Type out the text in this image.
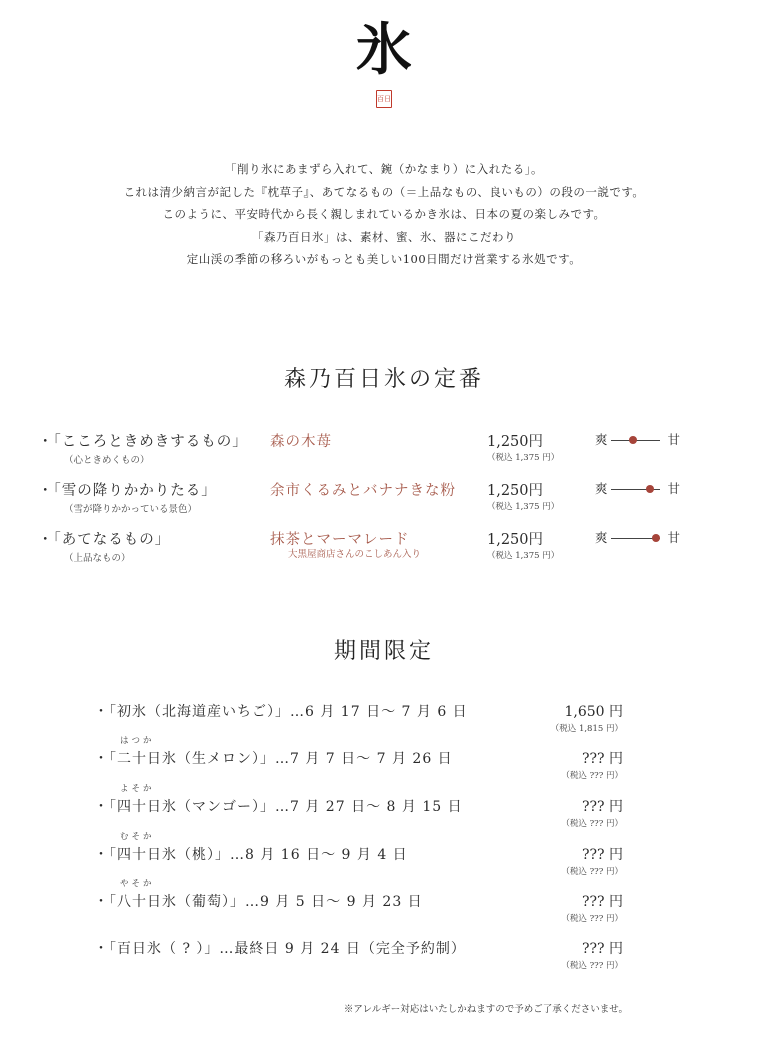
氷
百日
「削り氷にあまずら入れて、鋺（かなまり）に入れたる」。
これは清少納言が記した『枕草子』、あてなるもの（＝上品なもの、良いもの）の段の一説です。
このように、平安時代から長く親しまれているかき氷は、日本の夏の楽しみです。
「森乃百日氷」は、素材、蜜、氷、器にこだわり
定山渓の季節の移ろいがもっとも美しい100日間だけ営業する氷処です。
森乃百日氷の定番
・「こころときめきするもの」
（心ときめくもの）
森の木苺	1,250円
（税込 1,375 円）
爽	甘
・「雪の降りかかりたる」
（雪が降りかかっている景色）
余市くるみとバナナきな粉 1,250円
（税込 1,375 円）
爽	甘
・「あてなるもの」
（上品なもの）
抹茶とマーマレード
大黒屋商店さんのこしあん入り
1,250円
（税込 1,375 円）
爽	甘
期間限定
・「初氷（北海道産いちご）」…6 月 17 日～ 7 月 6 日	1,650 円
（税込 1,815 円）
はつか
・「二十日氷（生メロン）」…7 月 7 日～ 7 月 26 日	??? 円
（税込 ??? 円）
よそか
・「四十日氷（マンゴー）」…7 月 27 日～ 8 月 15 日	??? 円
（税込 ??? 円）
むそか
・「四十日氷（桃）」…8 月 16 日～ 9 月 4 日	??? 円
（税込 ??? 円）
やそか
・「八十日氷（葡萄）」…9 月 5 日～ 9 月 23 日	??? 円
（税込 ??? 円）
・「百日氷（ ? ）」…最終日 9 月 24 日（完全予約制）	??? 円
（税込 ??? 円）
※アレルギー対応はいたしかねますので予めご了承くださいませ。
